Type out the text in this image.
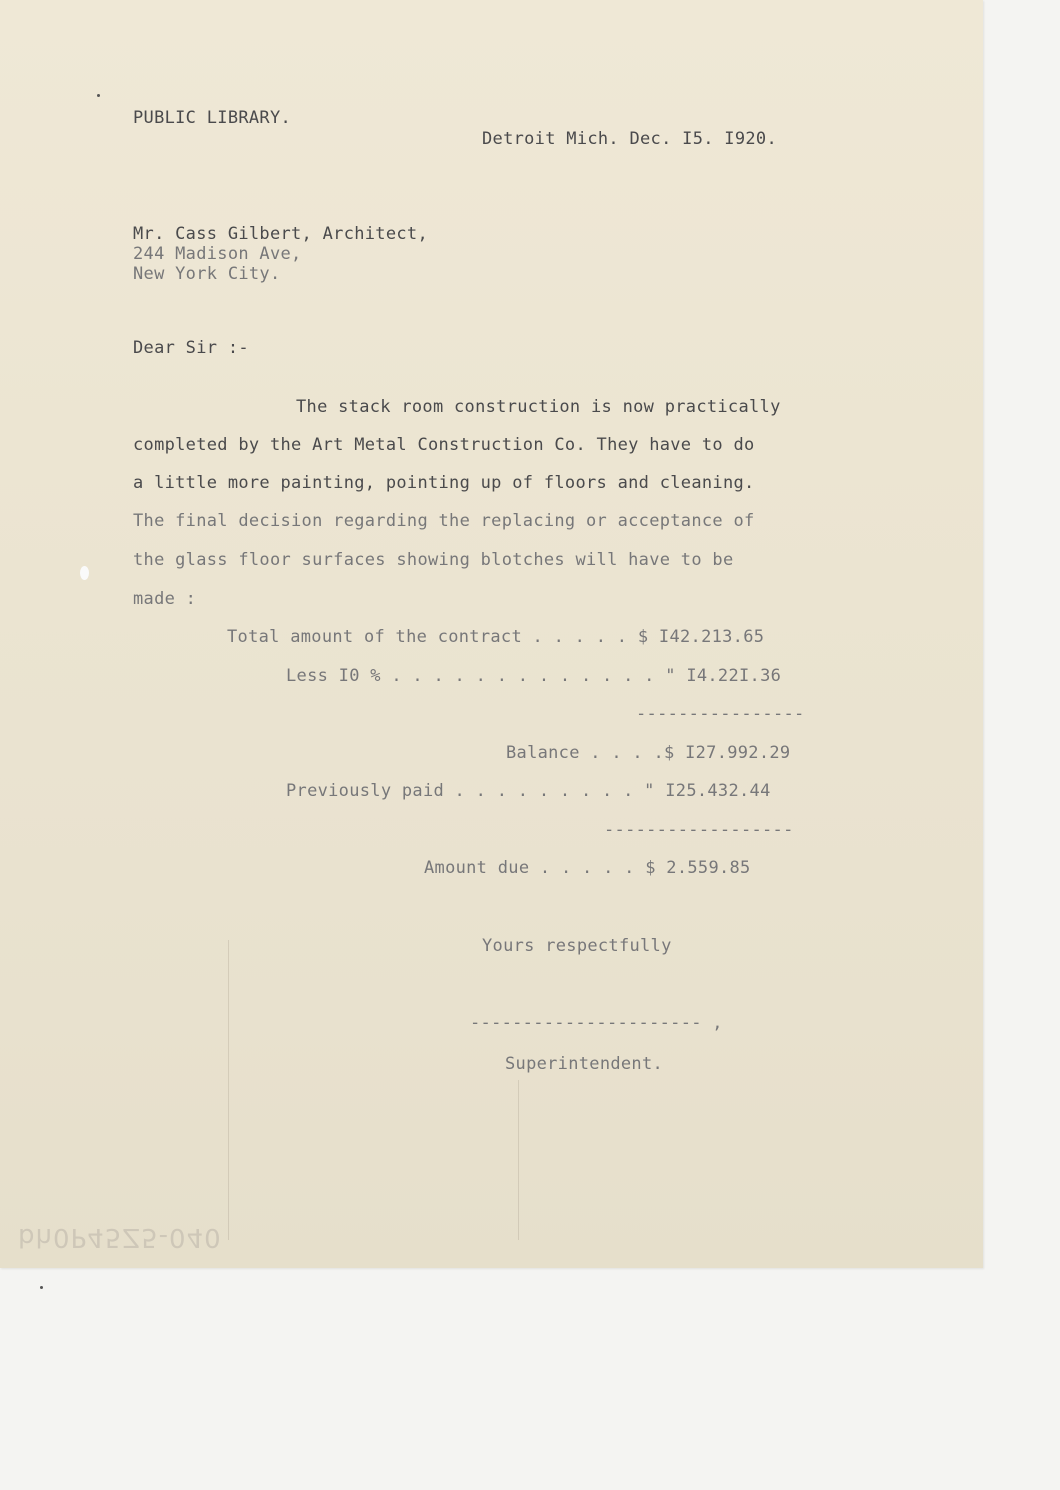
PUBLIC LIBRARY.
Detroit Mich. Dec. I5. I920.
Mr. Cass Gilbert, Architect,
244 Madison Ave,
New York City.
Dear Sir :-
The stack room construction is now practically
completed by the Art Metal Construction Co. They have to do
a little more painting, pointing up of floors and cleaning.
The final decision regarding the replacing or acceptance of
the glass floor surfaces showing blotches will have to be
made :
Total amount of the contract . . . . . $ I42.213.65
Less I0 % . . . . . . . . . . . . . " I4.22I.36
----------------
Balance . . . .$ I27.992.29
Previously paid . . . . . . . . . " I25.432.44
------------------
Amount due . . . . . $ 2.559.85
Yours respectfully
---------------------- ,
Superintendent.
bh0P45Z5-040
